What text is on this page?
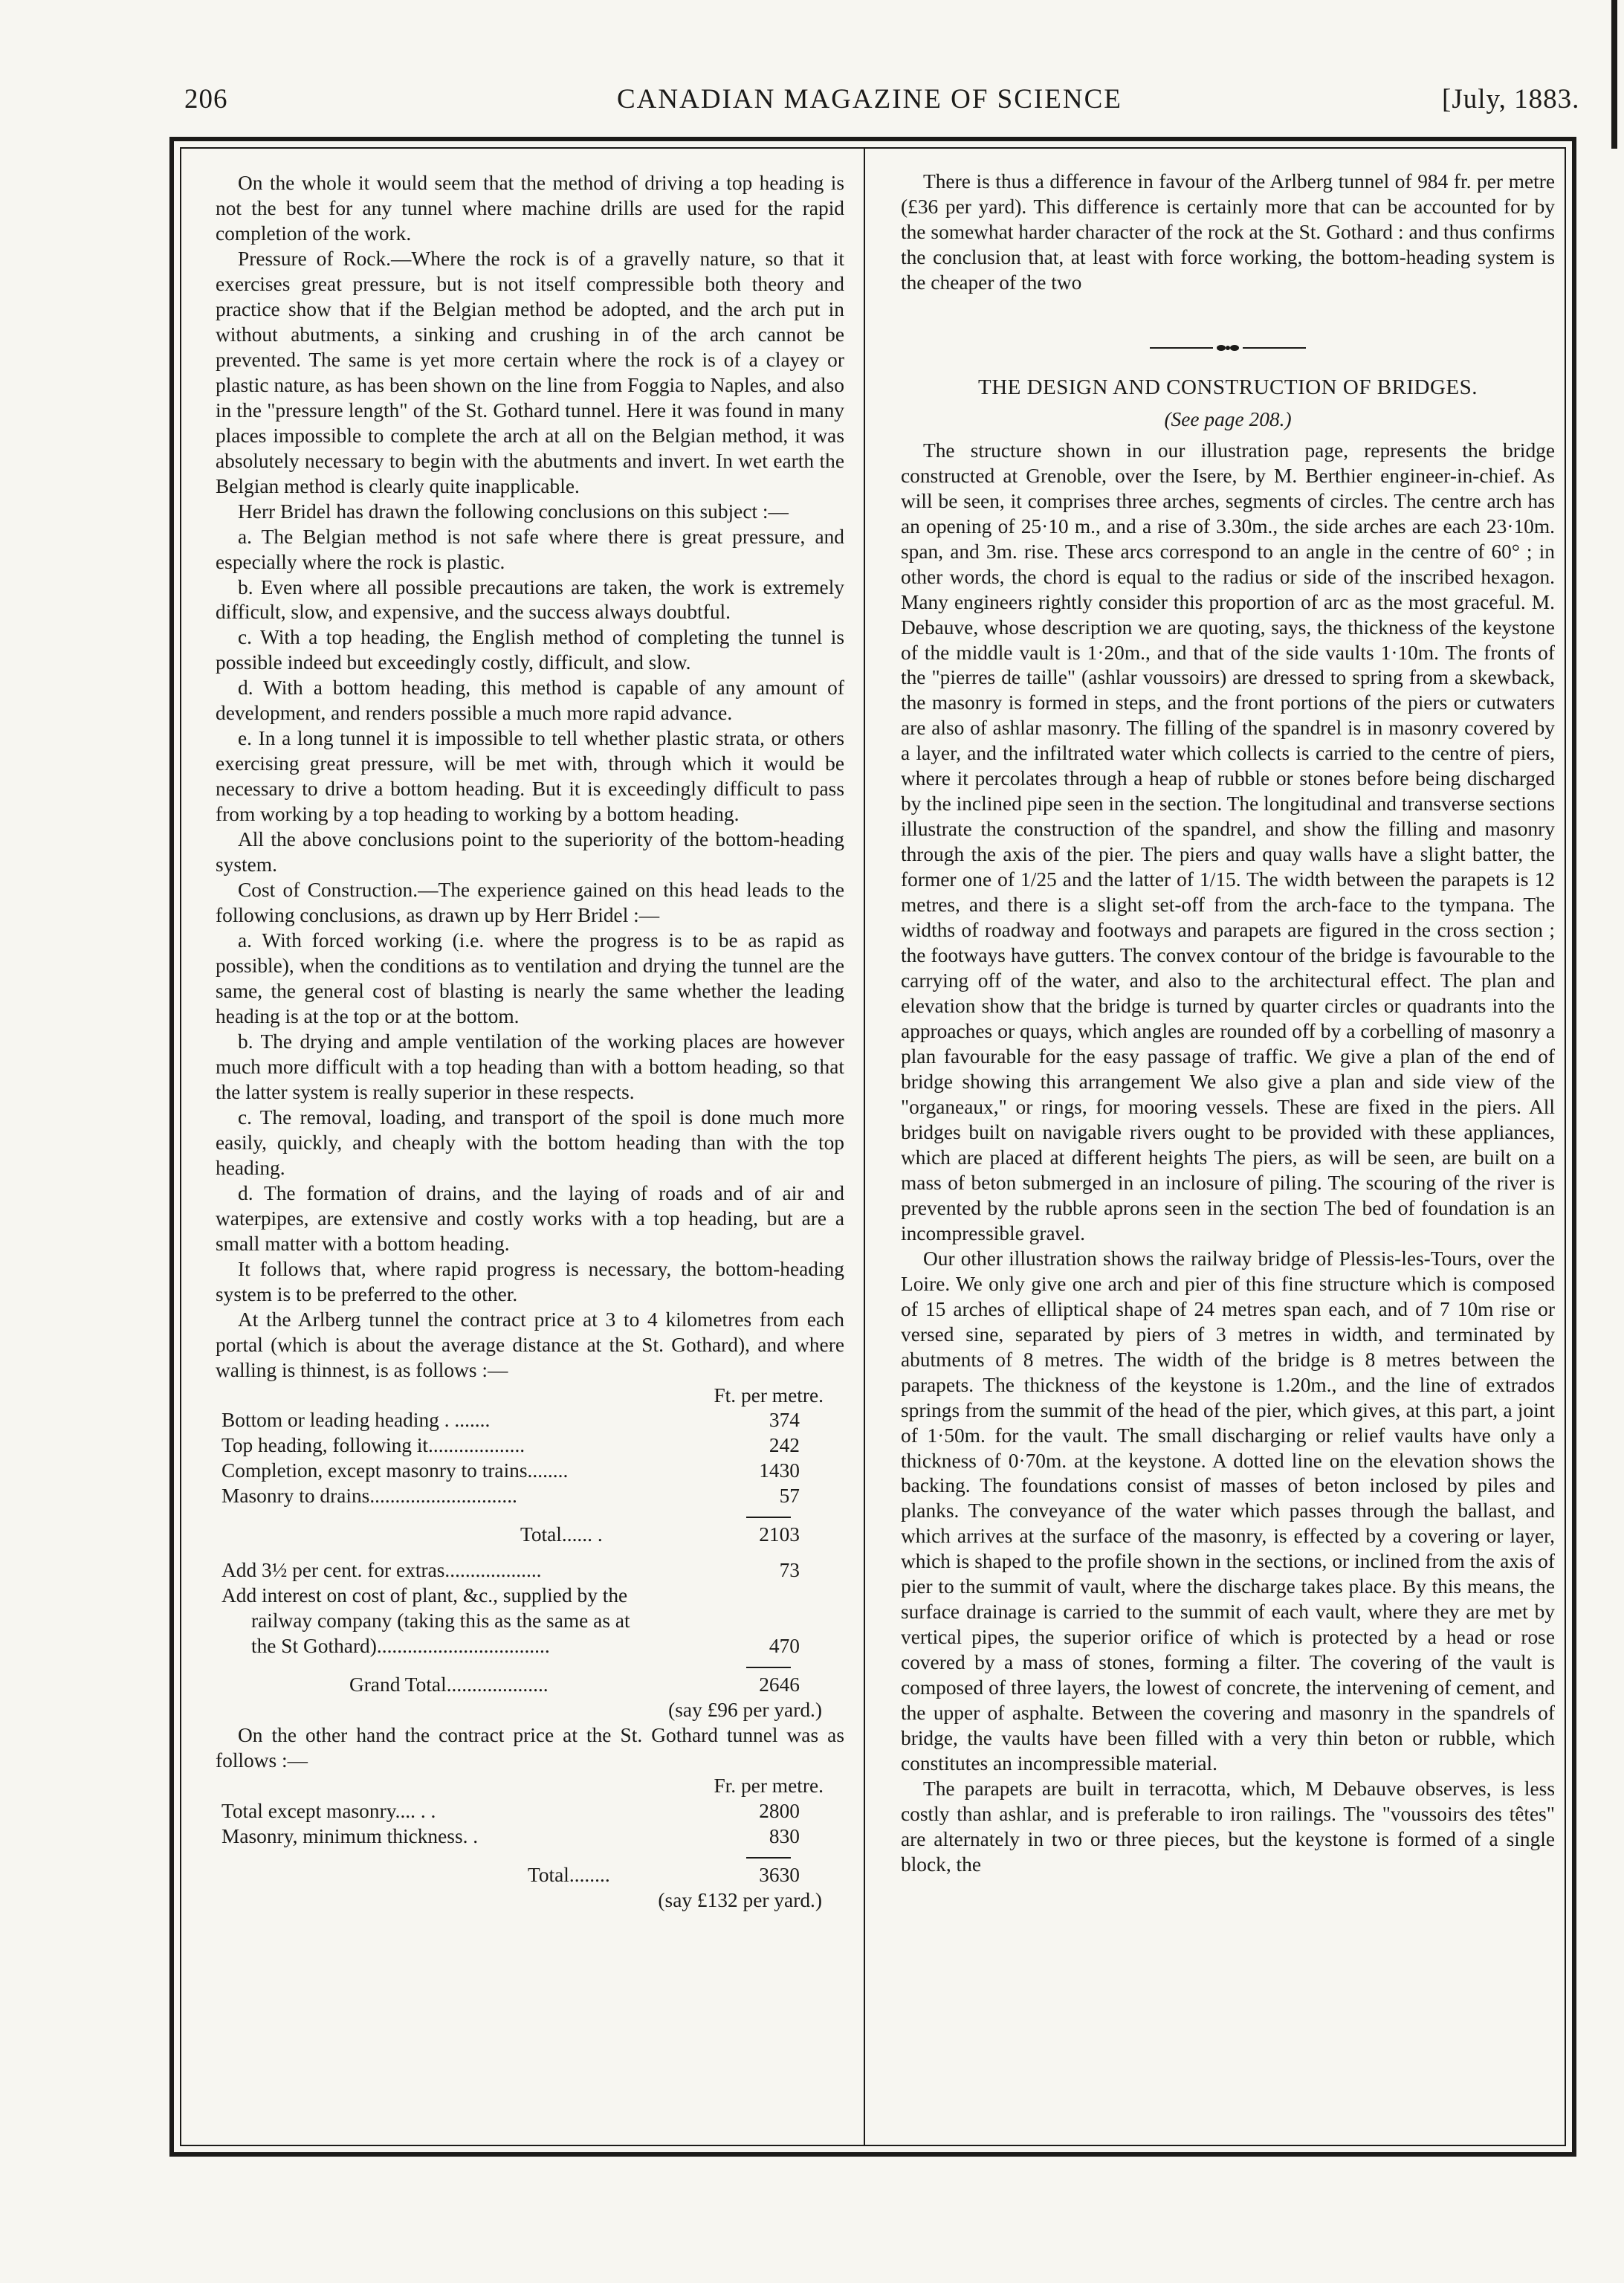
206	CANADIAN MAGAZINE OF SCIENCE	[July, 1883.

On the whole it would seem that the method of driving a top heading is not the best for any tunnel where machine drills are used for the rapid completion of the work.

Pressure of Rock.—Where the rock is of a gravelly nature, so that it exercises great pressure, but is not itself compressible both theory and practice show that if the Belgian method be adopted, and the arch put in without abutments, a sinking and crushing in of the arch cannot be prevented. The same is yet more certain where the rock is of a clayey or plastic nature, as has been shown on the line from Foggia to Naples, and also in the "pressure length" of the St. Gothard tunnel. Here it was found in many places impossible to complete the arch at all on the Belgian method, it was absolutely necessary to begin with the abutments and invert. In wet earth the Belgian method is clearly quite inapplicable.

Herr Bridel has drawn the following conclusions on this subject :—

a. The Belgian method is not safe where there is great pressure, and especially where the rock is plastic.

b. Even where all possible precautions are taken, the work is extremely difficult, slow, and expensive, and the success always doubtful.

c. With a top heading, the English method of completing the tunnel is possible indeed but exceedingly costly, difficult, and slow.

d. With a bottom heading, this method is capable of any amount of development, and renders possible a much more rapid advance.

e. In a long tunnel it is impossible to tell whether plastic strata, or others exercising great pressure, will be met with, through which it would be necessary to drive a bottom heading. But it is exceedingly difficult to pass from working by a top heading to working by a bottom heading.

All the above conclusions point to the superiority of the bottom-heading system.

Cost of Construction.—The experience gained on this head leads to the following conclusions, as drawn up by Herr Bridel :—

a. With forced working (i.e. where the progress is to be as rapid as possible), when the conditions as to ventilation and drying the tunnel are the same, the general cost of blasting is nearly the same whether the leading heading is at the top or at the bottom.

b. The drying and ample ventilation of the working places are however much more difficult with a top heading than with a bottom heading, so that the latter system is really superior in these respects.

c. The removal, loading, and transport of the spoil is done much more easily, quickly, and cheaply with the bottom heading than with the top heading.

d. The formation of drains, and the laying of roads and of air and waterpipes, are extensive and costly works with a top heading, but are a small matter with a bottom heading.

It follows that, where rapid progress is necessary, the bottom-heading system is to be preferred to the other.

At the Arlberg tunnel the contract price at 3 to 4 kilometres from each portal (which is about the average distance at the St. Gothard), and where walling is thinnest, is as follows :—

Ft. per metre.
Bottom or leading heading . .......	374
Top heading, following it...................	242
Completion, except masonry to trains........	1430
Masonry to drains.............................	57
Total...... .	2103
Add 3½ per cent. for extras...................	73
Add interest on cost of plant, &c., supplied by the	
railway company (taking this as the same as at	
the St Gothard)..................................	470
Grand Total....................	2646
(say £96 per yard.)

On the other hand the contract price at the St. Gothard tunnel was as follows :—

Fr. per metre.
Total except masonry.... . .	2800
Masonry, minimum thickness. .	830
Total........	3630
(say £132 per yard.)

There is thus a difference in favour of the Arlberg tunnel of 984 fr. per metre (£36 per yard). This difference is certainly more that can be accounted for by the somewhat harder character of the rock at the St. Gothard : and thus confirms the conclusion that, at least with force working, the bottom-heading system is the cheaper of the two

THE DESIGN AND CONSTRUCTION OF BRIDGES.
(See page 208.)

The structure shown in our illustration page, represents the bridge constructed at Grenoble, over the Isere, by M. Berthier engineer-in-chief. As will be seen, it comprises three arches, segments of circles. The centre arch has an opening of 25·10 m., and a rise of 3.30m., the side arches are each 23·10m. span, and 3m. rise. These arcs correspond to an angle in the centre of 60° ; in other words, the chord is equal to the radius or side of the inscribed hexagon. Many engineers rightly consider this proportion of arc as the most graceful. M. Debauve, whose description we are quoting, says, the thickness of the keystone of the middle vault is 1·20m., and that of the side vaults 1·10m. The fronts of the "pierres de taille" (ashlar voussoirs) are dressed to spring from a skewback, the masonry is formed in steps, and the front portions of the piers or cutwaters are also of ashlar masonry. The filling of the spandrel is in masonry covered by a layer, and the infiltrated water which collects is carried to the centre of piers, where it percolates through a heap of rubble or stones before being discharged by the inclined pipe seen in the section. The longitudinal and transverse sections illustrate the construction of the spandrel, and show the filling and masonry through the axis of the pier. The piers and quay walls have a slight batter, the former one of 1/25 and the latter of 1/15. The width between the parapets is 12 metres, and there is a slight set-off from the arch-face to the tympana. The widths of roadway and footways and parapets are figured in the cross section ; the footways have gutters. The convex contour of the bridge is favourable to the carrying off of the water, and also to the architectural effect. The plan and elevation show that the bridge is turned by quarter circles or quadrants into the approaches or quays, which angles are rounded off by a corbelling of masonry a plan favourable for the easy passage of traffic. We give a plan of the end of bridge showing this arrangement We also give a plan and side view of the "organeaux," or rings, for mooring vessels. These are fixed in the piers. All bridges built on navigable rivers ought to be provided with these appliances, which are placed at different heights The piers, as will be seen, are built on a mass of beton submerged in an inclosure of piling. The scouring of the river is prevented by the rubble aprons seen in the section The bed of foundation is an incompressible gravel.

Our other illustration shows the railway bridge of Plessis-les-Tours, over the Loire. We only give one arch and pier of this fine structure which is composed of 15 arches of elliptical shape of 24 metres span each, and of 7 10m rise or versed sine, separated by piers of 3 metres in width, and terminated by abutments of 8 metres. The width of the bridge is 8 metres between the parapets. The thickness of the keystone is 1.20m., and the line of extrados springs from the summit of the head of the pier, which gives, at this part, a joint of 1·50m. for the vault. The small discharging or relief vaults have only a thickness of 0·70m. at the keystone. A dotted line on the elevation shows the backing. The foundations consist of masses of beton inclosed by piles and planks. The conveyance of the water which passes through the ballast, and which arrives at the surface of the masonry, is effected by a covering or layer, which is shaped to the profile shown in the sections, or inclined from the axis of pier to the summit of vault, where the discharge takes place. By this means, the surface drainage is carried to the summit of each vault, where they are met by vertical pipes, the superior orifice of which is protected by a head or rose covered by a mass of stones, forming a filter. The covering of the vault is composed of three layers, the lowest of concrete, the intervening of cement, and the upper of asphalte. Between the covering and masonry in the spandrels of bridge, the vaults have been filled with a very thin beton or rubble, which constitutes an incompressible material.

The parapets are built in terracotta, which, M Debauve observes, is less costly than ashlar, and is preferable to iron railings. The "voussoirs des têtes" are alternately in two or three pieces, but the keystone is formed of a single block, the
